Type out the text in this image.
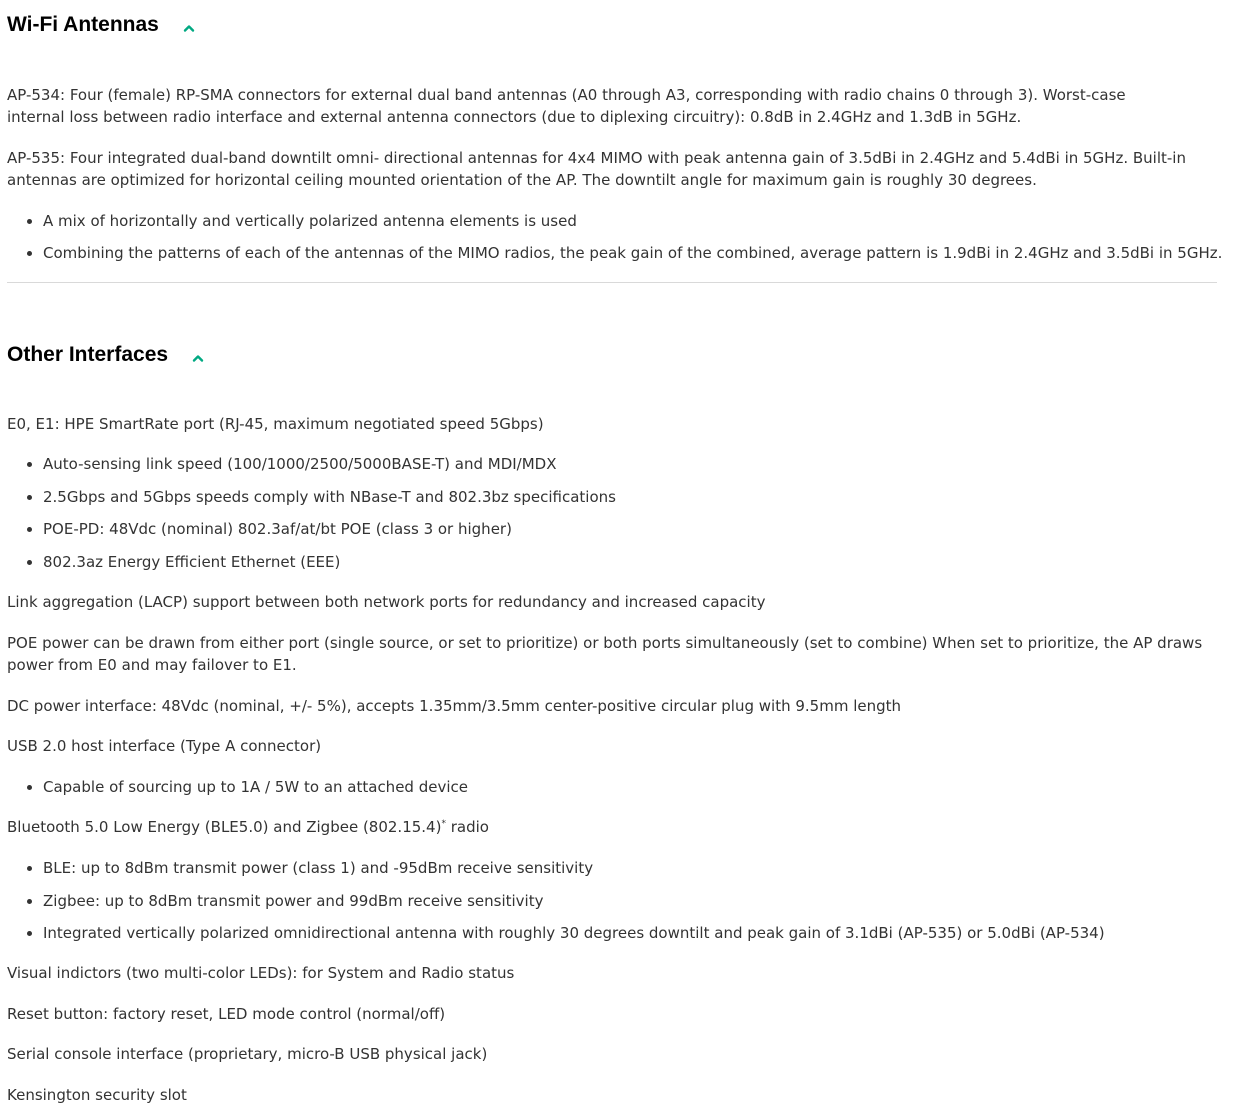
Wi-Fi Antennas

AP-534: Four (female) RP-SMA connectors for external dual band antennas (A0 through A3, corresponding with radio chains 0 through 3). Worst-case internal loss between radio interface and external antenna connectors (due to diplexing circuitry): 0.8dB in 2.4GHz and 1.3dB in 5GHz.

AP-535: Four integrated dual-band downtilt omni- directional antennas for 4x4 MIMO with peak antenna gain of 3.5dBi in 2.4GHz and 5.4dBi in 5GHz. Built-in antennas are optimized for horizontal ceiling mounted orientation of the AP. The downtilt angle for maximum gain is roughly 30 degrees.

• A mix of horizontally and vertically polarized antenna elements is used
• Combining the patterns of each of the antennas of the MIMO radios, the peak gain of the combined, average pattern is 1.9dBi in 2.4GHz and 3.5dBi in 5GHz.
Other Interfaces

E0, E1: HPE SmartRate port (RJ-45, maximum negotiated speed 5Gbps)

• Auto-sensing link speed (100/1000/2500/5000BASE-T) and MDI/MDX
• 2.5Gbps and 5Gbps speeds comply with NBase-T and 802.3bz specifications
• POE-PD: 48Vdc (nominal) 802.3af/at/bt POE (class 3 or higher)
• 802.3az Energy Efficient Ethernet (EEE)

Link aggregation (LACP) support between both network ports for redundancy and increased capacity

POE power can be drawn from either port (single source, or set to prioritize) or both ports simultaneously (set to combine) When set to prioritize, the AP draws power from E0 and may failover to E1.

DC power interface: 48Vdc (nominal, +/- 5%), accepts 1.35mm/3.5mm center-positive circular plug with 9.5mm length

USB 2.0 host interface (Type A connector)

• Capable of sourcing up to 1A / 5W to an attached device

Bluetooth 5.0 Low Energy (BLE5.0) and Zigbee (802.15.4)* radio

• BLE: up to 8dBm transmit power (class 1) and -95dBm receive sensitivity
• Zigbee: up to 8dBm transmit power and 99dBm receive sensitivity
• Integrated vertically polarized omnidirectional antenna with roughly 30 degrees downtilt and peak gain of 3.1dBi (AP-535) or 5.0dBi (AP-534)

Visual indictors (two multi-color LEDs): for System and Radio status

Reset button: factory reset, LED mode control (normal/off)

Serial console interface (proprietary, micro-B USB physical jack)

Kensington security slot
